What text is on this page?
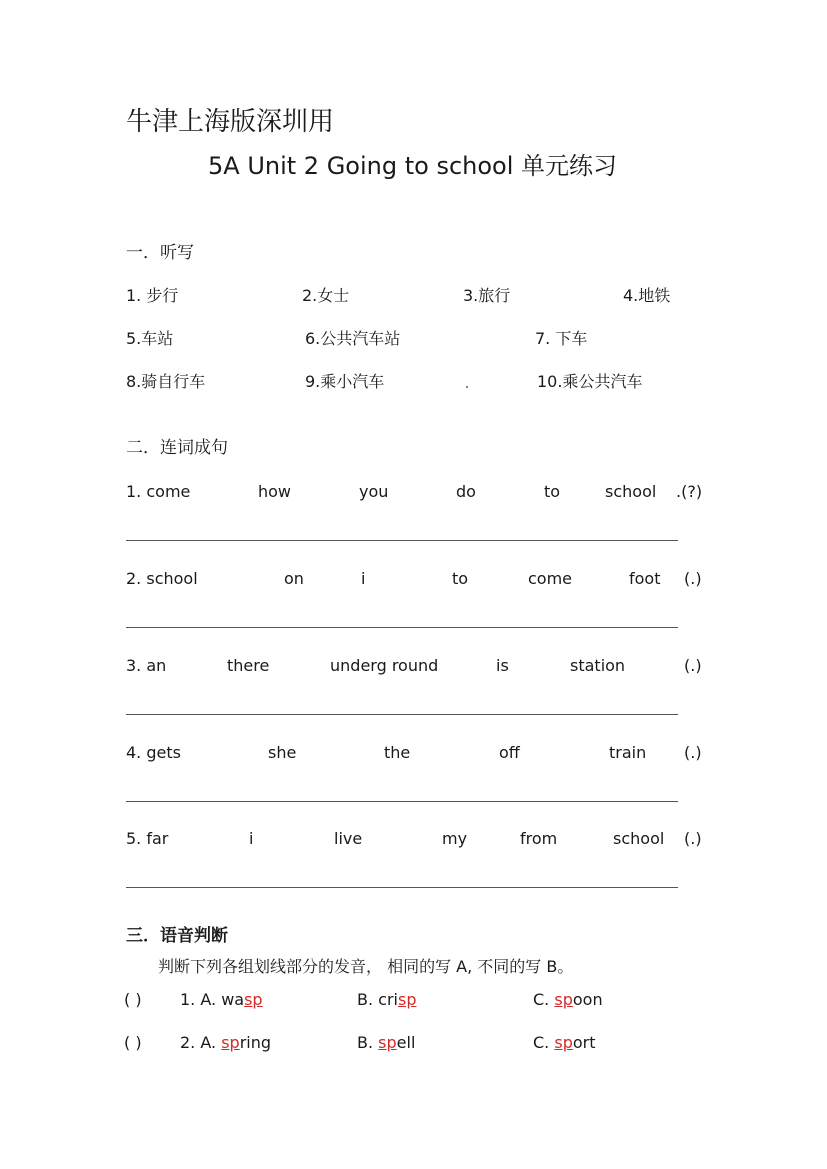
牛津上海版深圳用
5A Unit 2 Going to school 单元练习
一．听写
1. 步行	2.女士	3.旅行	4.地铁
5.车站	6.公共汽车站	7. 下车
8.骑自行车	9.乘小汽车	10.乘公共汽车
二．连词成句
1. come	how	you	do	to	school .(?)
2. school	on	i	to	come	foot (.)
3. an	there	underg round	is	station	(.)
4. gets	she	the	off	train (.)
5. far	i	live	my	from	school (.)
三．语音判断
判断下列各组划线部分的发音， 相同的写 A, 不同的写 B。
( ) 1. A. wasp	B. crisp	C. spoon
( ) 2. A. spring	B. spell	C. sport
